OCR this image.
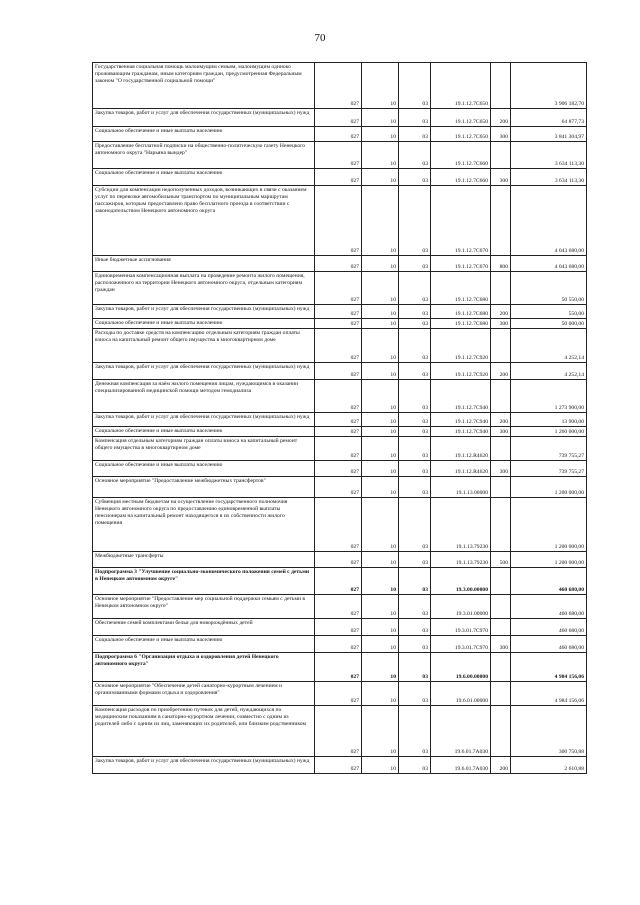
70
Государственная социальная помощь малоимущим семьям, малоимущим одиноко проживающим гражданам, иным категориям граждан, предусмотренная Федеральным законом "О государственной социальной помощи"	027	10	03	19.1.12.7С650		3 906 182,70
Закупка товаров, работ и услуг для обеспечения государственных (муниципальных) нужд	027	10	03	19.1.12.7С650	200	64 877,73
Социальное обеспечение и иные выплаты населению	027	10	03	19.1.12.7С650	300	3 841 304,97
Предоставление бесплатной подписки на общественно-политическую газету Ненецкого автономного округа "Нарьяна вындер"	027	10	03	19.1.12.7С660		3 634 113,30
Социальное обеспечение и иные выплаты населению	027	10	03	19.1.12.7С660	300	3 634 113,30
Субсидии для компенсации недополученных доходов, возникающих в связи с оказанием услуг по перевозке автомобильным транспортом по муниципальным маршрутам пассажиров, которым предоставлено право бесплатного проезда в соответствии с законодательством Ненецкого автономного округа	027	10	03	19.1.12.7С670		4 043 680,00
Иные бюджетные ассигнования	027	10	03	19.1.12.7С670	800	4 043 680,00
Единовременная компенсационная выплата на проведение ремонта жилого помещения, расположенного на территории Ненецкого автономного округа, отдельным категориям граждан	027	10	03	19.1.12.7С680		50 550,00
Закупка товаров, работ и услуг для обеспечения государственных (муниципальных) нужд	027	10	03	19.1.12.7С680	200	550,00
Социальное обеспечение и иные выплаты населению	027	10	03	19.1.12.7С680	300	50 000,00
Расходы по доставке средств на компенсацию отдельным категориям граждан оплаты взноса на капитальный ремонт общего имущества в многоквартирном доме	027	10	03	19.1.12.7С920		4 252,14
Закупка товаров, работ и услуг для обеспечения государственных (муниципальных) нужд	027	10	03	19.1.12.7С920	200	4 252,14
Денежная компенсация за наём жилого помещения лицам, нуждающимся в оказании специализированной медицинской помощи методом гемодиализа	027	10	03	19.1.12.7С940		1 273 900,00
Закупка товаров, работ и услуг для обеспечения государственных (муниципальных) нужд	027	10	03	19.1.12.7С940	200	13 900,00
Социальное обеспечение и иные выплаты населению	027	10	03	19.1.12.7С940	300	1 260 000,00
Компенсация отдельным категориям граждан оплаты взноса на капитальный ремонт общего имущества в многоквартирном доме	027	10	03	19.1.12.R4620		739 755,27
Социальное обеспечение и иные выплаты населению	027	10	03	19.1.12.R4620	300	739 755,27
Основное мероприятие "Предоставление межбюджетных трансфертов"	027	10	03	19.1.13.00000		1 200 000,00
Субвенция местным бюджетам на осуществление государственного полномочия Ненецкого автономного округа по предоставлению единовременной выплаты пенсионерам на капитальный ремонт находящегося в их собственности жилого помещения	027	10	03	19.1.13.79230		1 200 000,00
Межбюджетные трансферты	027	10	03	19.1.13.79230	500	1 200 000,00
Подпрограмма 3 "Улучшение социально-экономического положения семей с детьми в Ненецком автономном округе"	027	10	03	19.3.00.00000		460 680,00
Основное мероприятие "Предоставление мер социальной поддержки семьям с детьми в Ненецком автономном округе"	027	10	03	19.3.01.00000		460 680,00
Обеспечение семей комплектами белья для новорождённых детей	027	10	03	19.3.01.7С970		460 680,00
Социальное обеспечение и иные выплаты населению	027	10	03	19.3.01.7С970	300	460 680,00
Подпрограмма 6 "Организация отдыха и оздоровления детей Ненецкого автономного округа"	027	10	03	19.6.00.00000		4 984 156,06
Основное мероприятие "Обеспечение детей санаторно-курортным лечением и организованными формами отдыха и оздоровления"	027	10	03	19.6.01.00000		4 984 156,06
Компенсация расходов по приобретению путевок для детей, нуждающихся по медицинским показаниям в санаторно-курортном лечении, совместно с одним из родителей либо с одним из лиц, заменяющих их родителей, или близким родственником	027	10	03	19.6.01.7А030		300 750,88
Закупка товаров, работ и услуг для обеспечения государственных (муниципальных) нужд	027	10	03	19.6.01.7А030	200	2 610,88
